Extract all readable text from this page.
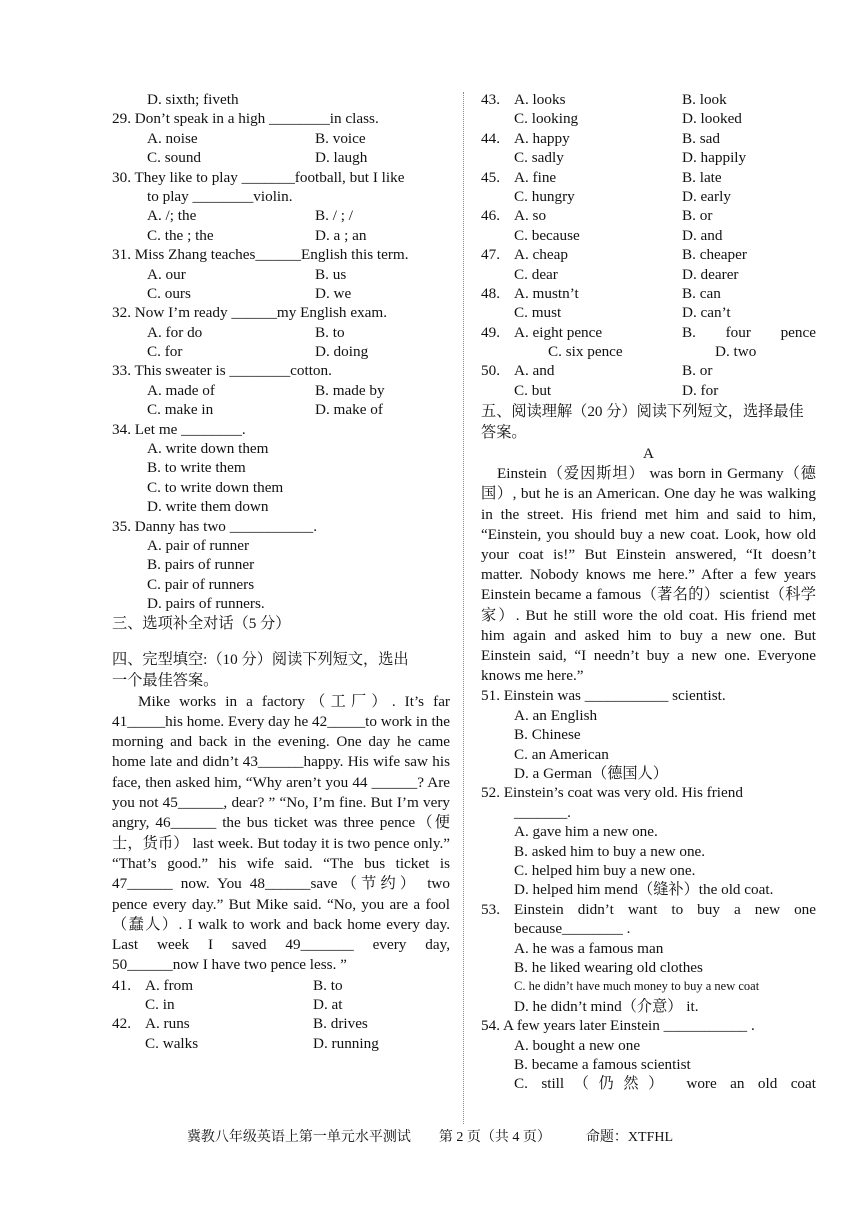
D. sixth; fiveth
29. Don’t speak in a high ________in class.
A. noise	B. voice
C. sound	D. laugh
30. They like to play _______football, but I like
to play ________violin.
A. /; the	B. / ; /
C. the ; the	D. a ; an
31. Miss Zhang teaches______English this term.
A. our	B. us
C. ours	D. we
32. Now I’m ready ______my English exam.
A. for do	B. to
C. for	D. doing
33. This sweater is ________cotton.
A. made of	B. made by
C. make in	D. make of
34. Let me ________.
A. write down them
B. to write them
C. to write down them
D. write them down
35. Danny has two ___________.
A. pair of runner
B. pairs of runner
C. pair of runners
D. pairs of runners.
三、选项补全对话（5 分）
四、完型填空:（10 分）阅读下列短文，选出
一个最佳答案。
Mike works in a factory（工厂）. It’s far 41_____his home. Every day he 42_____to work in the morning and back in the evening. One day he came home late and didn’t 43______happy. His wife saw his face, then asked him, “Why aren’t you 44 ______? Are you not 45______, dear? ” “No, I’m fine. But I’m very angry, 46______ the bus ticket was three pence（便士，货币） last week. But today it is two pence only.” “That’s good.” his wife said. “The bus ticket is 47______ now. You 48______save（节约） two pence every day.” But Mike said. “No, you are a fool（蠢人）. I walk to work and back home every day. Last week I saved 49_______ every day, 50______now I have two pence less. ”
41. A. from	B. to
C. in	D. at
42. A. runs	B. drives
C. walks	D. running
43. A. looks	B. look
C. looking	D. looked
44. A. happy	B. sad
C. sadly	D. happily
45. A. fine	B. late
C. hungry	D. early
46. A. so	B. or
C. because	D. and
47. A. cheap	B. cheaper
C. dear	D. dearer
48. A. mustn’t	B. can
C. must	D. can’t
49. A. eight pence	B. four pence
C. six pence	D. two
50. A. and	B. or
C. but	D. for
五、阅读理解（20 分）阅读下列短文，选择最佳答案。
A
Einstein（爱因斯坦） was born in Germany（德国）, but he is an American. One day he was walking in the street. His friend met him and said to him, “Einstein, you should buy a new coat. Look, how old your coat is!” But Einstein answered, “It doesn’t matter. Nobody knows me here.” After a few years Einstein became a famous（著名的）scientist（科学家）. But he still wore the old coat. His friend met him again and asked him to buy a new one. But Einstein said, “I needn’t buy a new one. Everyone knows me here.”
51. Einstein was ___________ scientist.
A. an English
B. Chinese
C. an American
D. a German（德国人）
52. Einstein’s coat was very old. His friend
_______.
A. gave him a new one.
B. asked him to buy a new one.
C. helped him buy a new one.
D. helped him mend（缝补）the old coat.
53. Einstein didn’t want to buy a new one
because________ .
A. he was a famous man
B. he liked wearing old clothes
C. he didn’t have much money to buy a new coat
D. he didn’t mind（介意） it.
54. A few years later Einstein ___________ .
A. bought a new one
B. became a famous scientist
C. still（仍然） wore an old coat
冀教八年级英语上第一单元水平测试　　第 2 页（共 4 页）　　　命题：XTFHL
